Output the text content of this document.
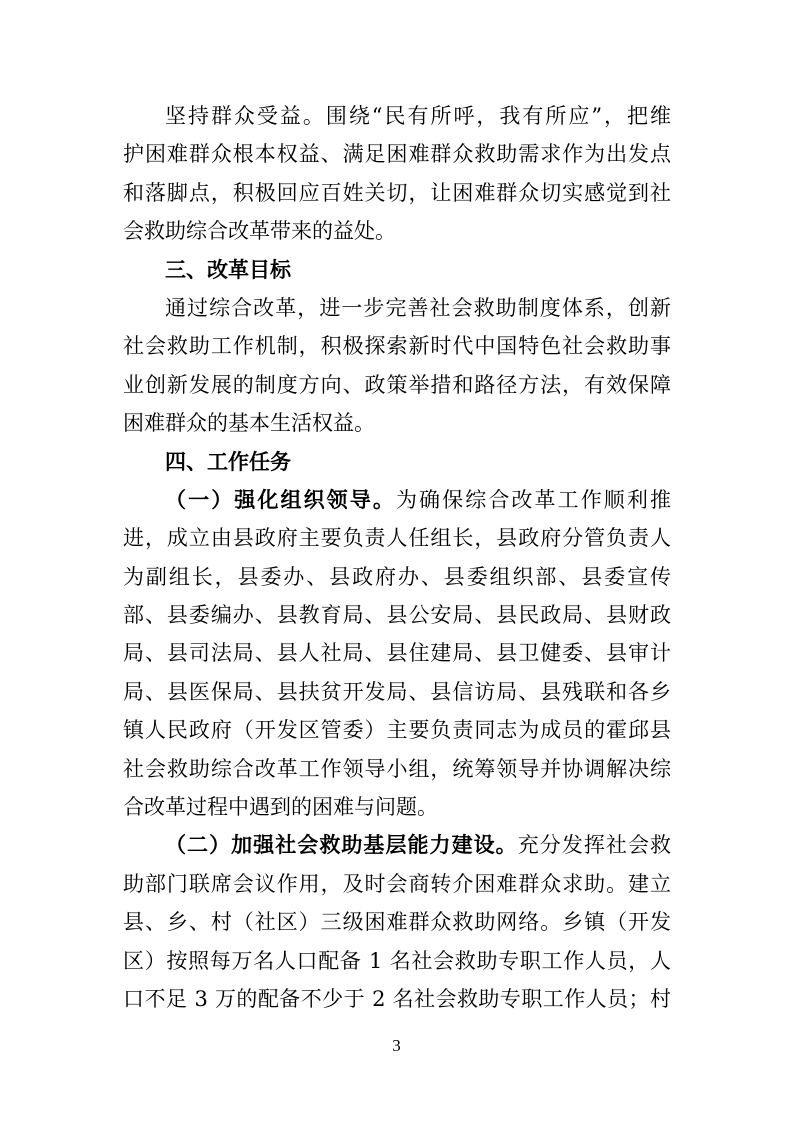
坚持群众受益。围绕“民有所呼，我有所应”，把维
护困难群众根本权益、满足困难群众救助需求作为出发点
和落脚点，积极回应百姓关切，让困难群众切实感觉到社
会救助综合改革带来的益处。
三、改革目标
通过综合改革，进一步完善社会救助制度体系，创新
社会救助工作机制，积极探索新时代中国特色社会救助事
业创新发展的制度方向、政策举措和路径方法，有效保障
困难群众的基本生活权益。
四、工作任务
（一）强化组织领导。为确保综合改革工作顺利推
进，成立由县政府主要负责人任组长，县政府分管负责人
为副组长，县委办、县政府办、县委组织部、县委宣传
部、县委编办、县教育局、县公安局、县民政局、县财政
局、县司法局、县人社局、县住建局、县卫健委、县审计
局、县医保局、县扶贫开发局、县信访局、县残联和各乡
镇人民政府（开发区管委）主要负责同志为成员的霍邱县
社会救助综合改革工作领导小组，统筹领导并协调解决综
合改革过程中遇到的困难与问题。
（二）加强社会救助基层能力建设。充分发挥社会救
助部门联席会议作用，及时会商转介困难群众求助。建立
县、乡、村（社区）三级困难群众救助网络。乡镇（开发
区）按照每万名人口配备 1 名社会救助专职工作人员，人
口不足 3 万的配备不少于 2 名社会救助专职工作人员；村
3
